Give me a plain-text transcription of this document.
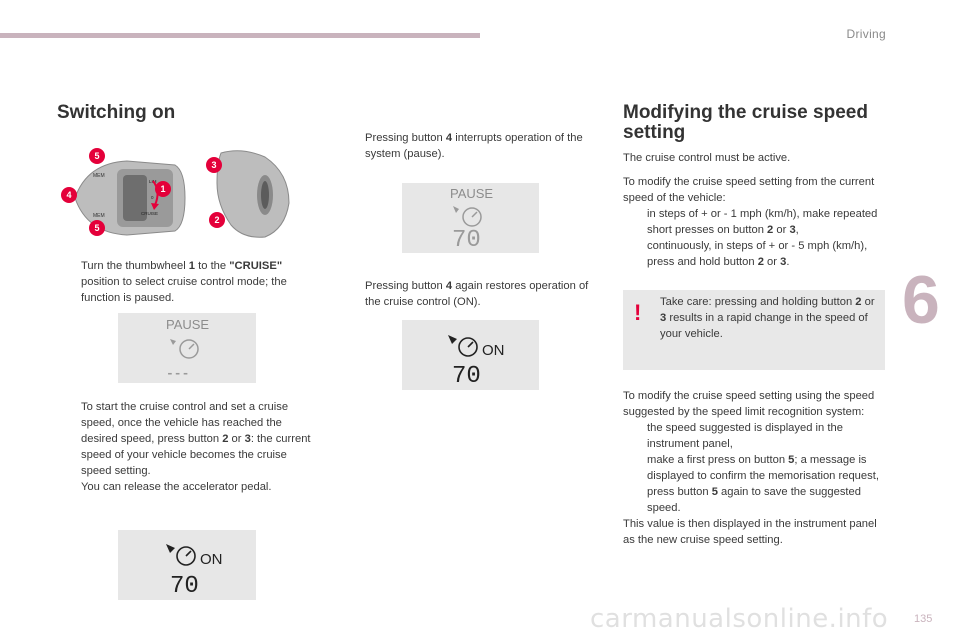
Driving
Switching on
MEM
MEM
LIM
0
CRUISE
5
4
5
3
2
1
Turn the thumbwheel 1 to the "CRUISE" position to select cruise control mode; the function is paused.
PAUSE
---
To start the cruise control and set a cruise speed, once the vehicle has reached the desired speed, press button 2 or 3: the current speed of your vehicle becomes the cruise speed setting.
You can release the accelerator pedal.
ON
70
Pressing button 4 interrupts operation of the system (pause).
PAUSE
70
Pressing button 4 again restores operation of the cruise control (ON).
ON
70
Modifying the cruise speed setting
The cruise control must be active.
To modify the cruise speed setting from the current speed of the vehicle:
in steps of + or - 1 mph (km/h), make repeated short presses on button 2 or 3,
continuously, in steps of + or - 5 mph (km/h), press and hold button 2 or 3.
! Take care: pressing and holding button 2 or 3 results in a rapid change in the speed of your vehicle.
To modify the cruise speed setting using the speed suggested by the speed limit recognition system:
the speed suggested is displayed in the instrument panel,
make a first press on button 5; a message is displayed to confirm the memorisation request,
press button 5 again to save the suggested speed.
This value is then displayed in the instrument panel as the new cruise speed setting.
6
carmanualsonline.info 135
